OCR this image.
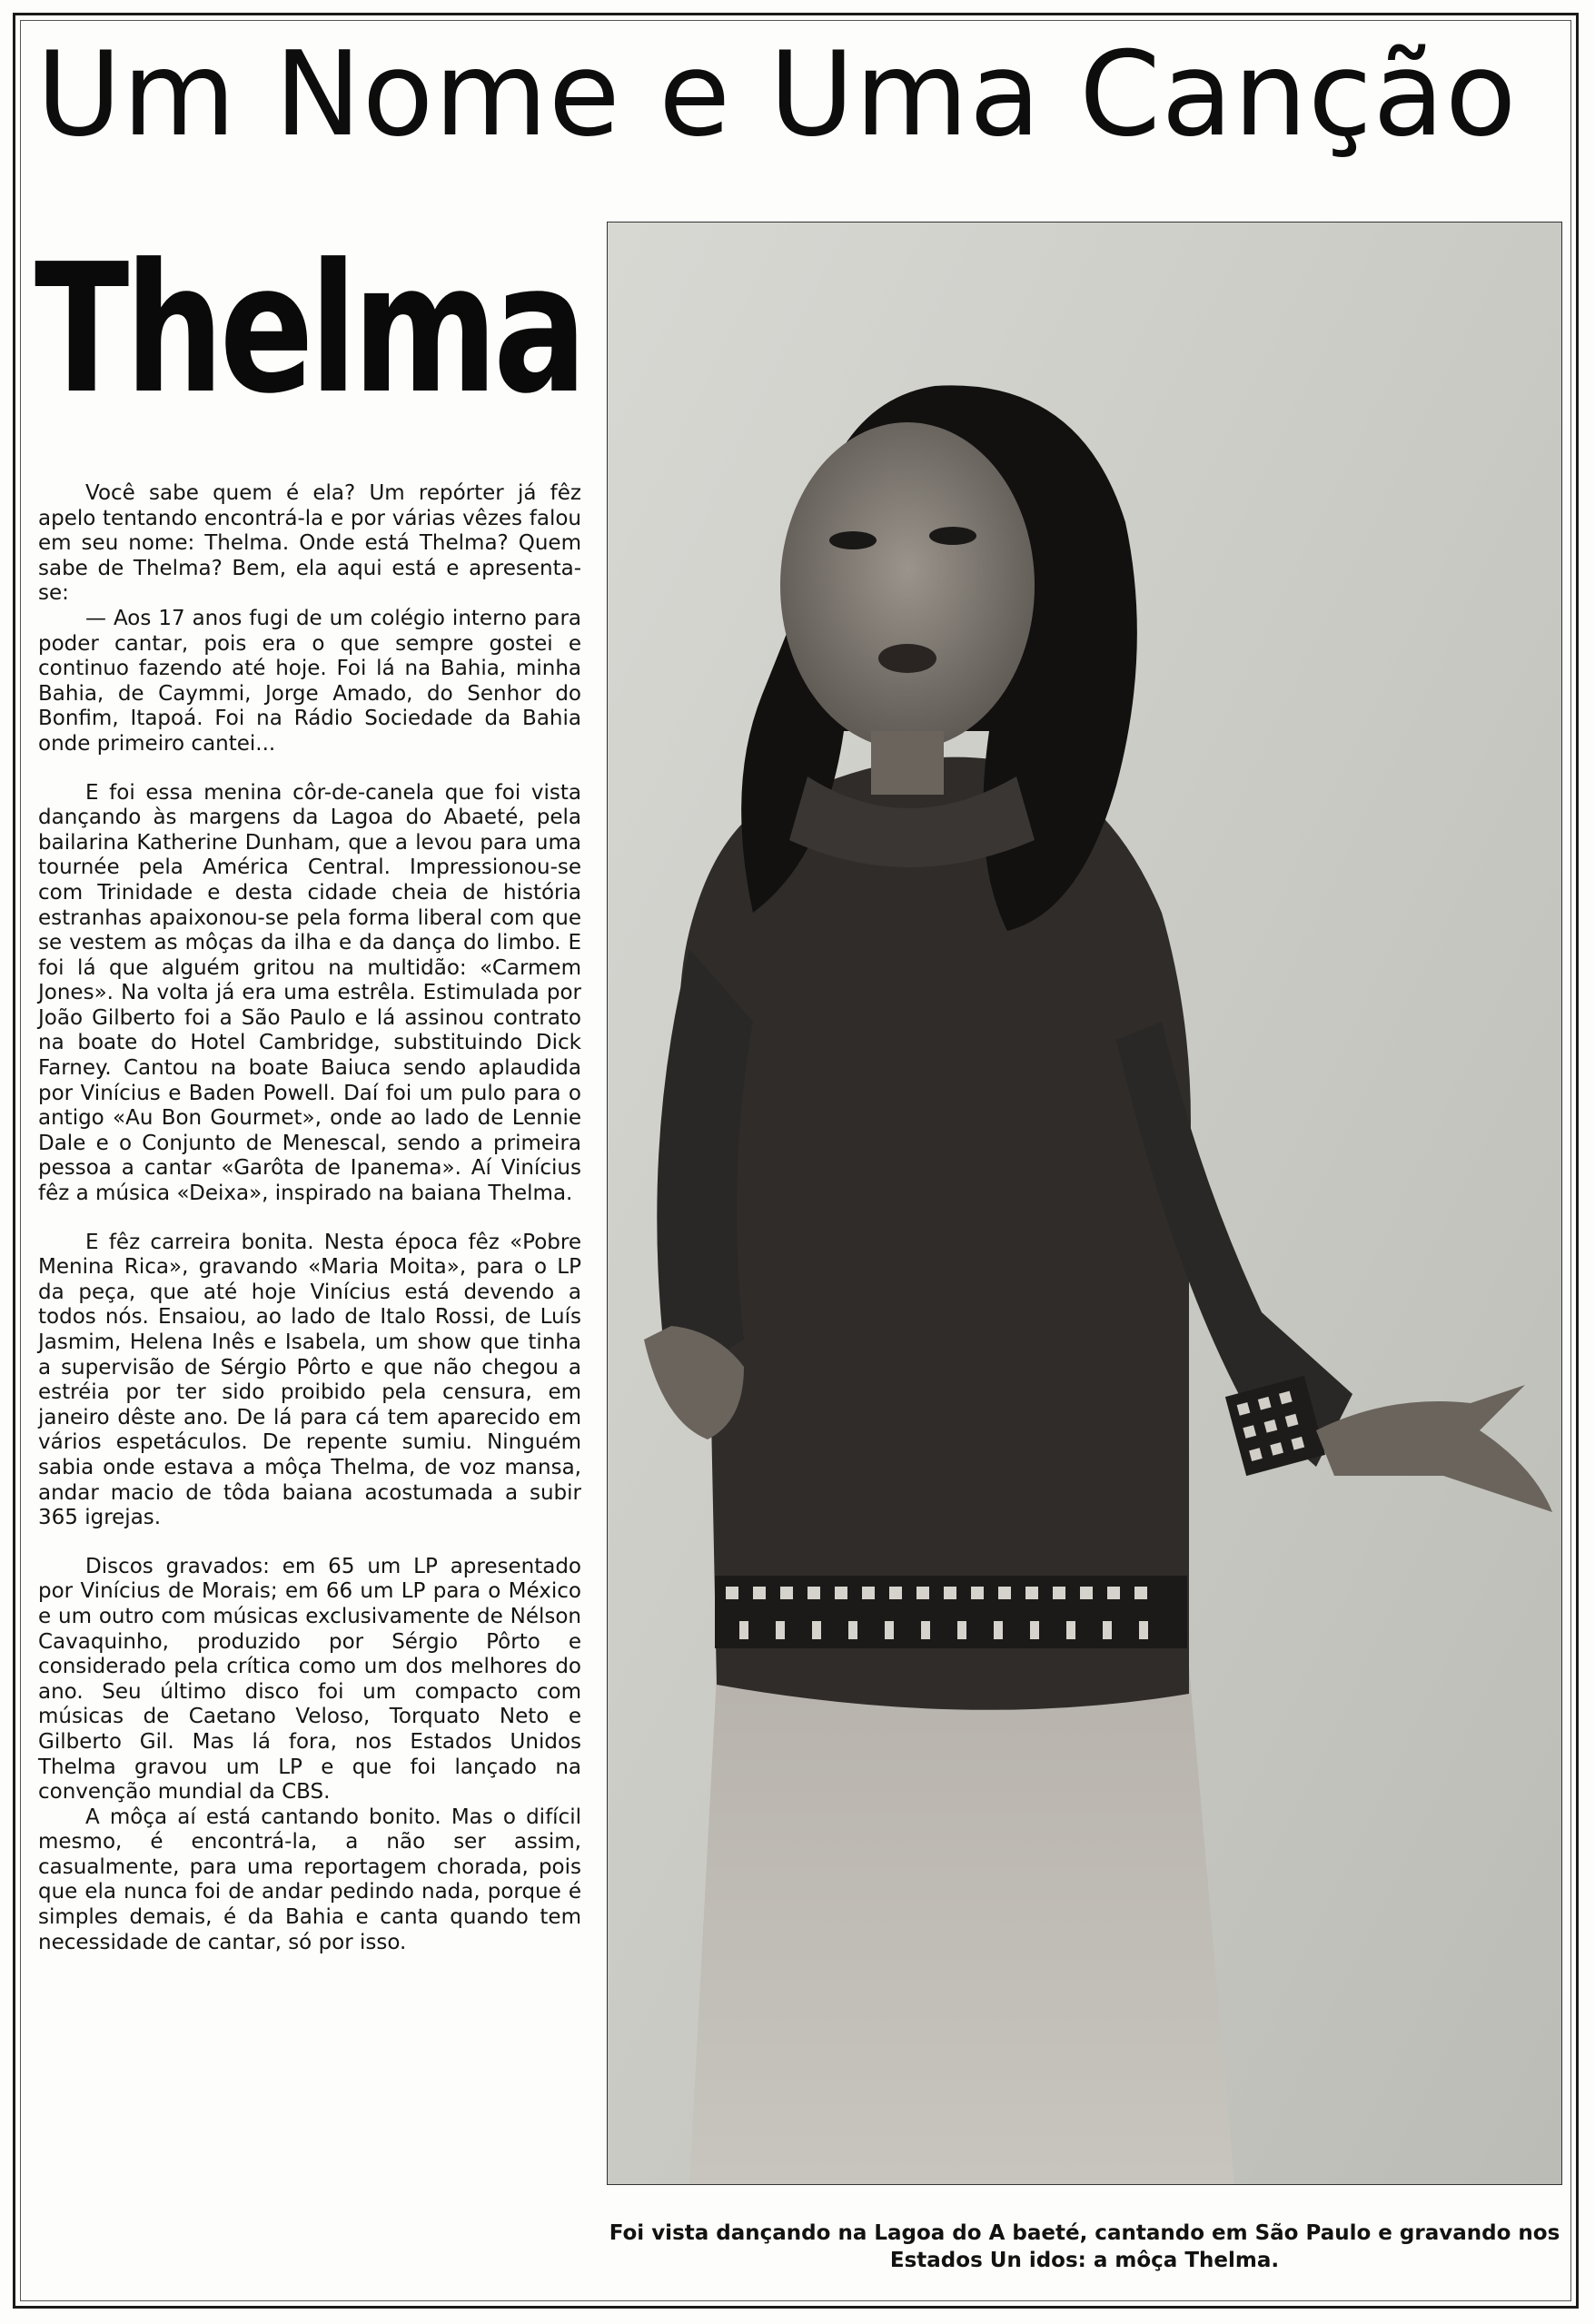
Um Nome e Uma Canção
Thelma

Você sabe quem é ela? Um repórter já fêz apelo tentando encontrá-la e por várias vêzes falou em seu nome: Thelma. Onde está Thelma? Quem sabe de Thelma? Bem, ela aqui está e apresenta-se:

— Aos 17 anos fugi de um colégio interno para poder cantar, pois era o que sempre gostei e continuo fazendo até hoje. Foi lá na Bahia, minha Bahia, de Caymmi, Jorge Amado, do Senhor do Bonfim, Itapoá. Foi na Rádio Sociedade da Bahia onde primeiro cantei...

E foi essa menina côr-de-canela que foi vista dançando às margens da Lagoa do Abaeté, pela bailarina Katherine Dunham, que a levou para uma tournée pela América Central. Impressionou-se com Trinidade e desta cidade cheia de história estranhas apaixonou-se pela forma liberal com que se vestem as môças da ilha e da dança do limbo. E foi lá que alguém gritou na multidão: «Carmem Jones». Na volta já era uma estrêla. Estimulada por João Gilberto foi a São Paulo e lá assinou contrato na boate do Hotel Cambridge, substituindo Dick Farney. Cantou na boate Baiuca sendo aplaudida por Vinícius e Baden Powell. Daí foi um pulo para o antigo «Au Bon Gourmet», onde ao lado de Lennie Dale e o Conjunto de Menescal, sendo a primeira pessoa a cantar «Garôta de Ipanema». Aí Vinícius fêz a música «Deixa», inspirado na baiana Thelma.

E fêz carreira bonita. Nesta época fêz «Pobre Menina Rica», gravando «Maria Moita», para o LP da peça, que até hoje Vinícius está devendo a todos nós. Ensaiou, ao lado de Italo Rossi, de Luís Jasmim, Helena Inês e Isabela, um show que tinha a supervisão de Sérgio Pôrto e que não chegou a estréia por ter sido proibido pela censura, em janeiro dêste ano. De lá para cá tem aparecido em vários espetáculos. De repente sumiu. Ninguém sabia onde estava a môça Thelma, de voz mansa, andar macio de tôda baiana acostumada a subir 365 igrejas.

Discos gravados: em 65 um LP apresentado por Vinícius de Morais; em 66 um LP para o México e um outro com músicas exclusivamente de Nélson Cavaquinho, produzido por Sérgio Pôrto e considerado pela crítica como um dos melhores do ano. Seu último disco foi um compacto com músicas de Caetano Veloso, Torquato Neto e Gilberto Gil. Mas lá fora, nos Estados Unidos Thelma gravou um LP e que foi lançado na convenção mundial da CBS.

A môça aí está cantando bonito. Mas o difícil mesmo, é encontrá-la, a não ser assim, casualmente, para uma reportagem chorada, pois que ela nunca foi de andar pedindo nada, porque é simples demais, é da Bahia e canta quando tem necessidade de cantar, só por isso.

Foi vista dançando na Lagoa do A baeté, cantando em São Paulo e gravando nos Estados Un idos: a môça Thelma.
